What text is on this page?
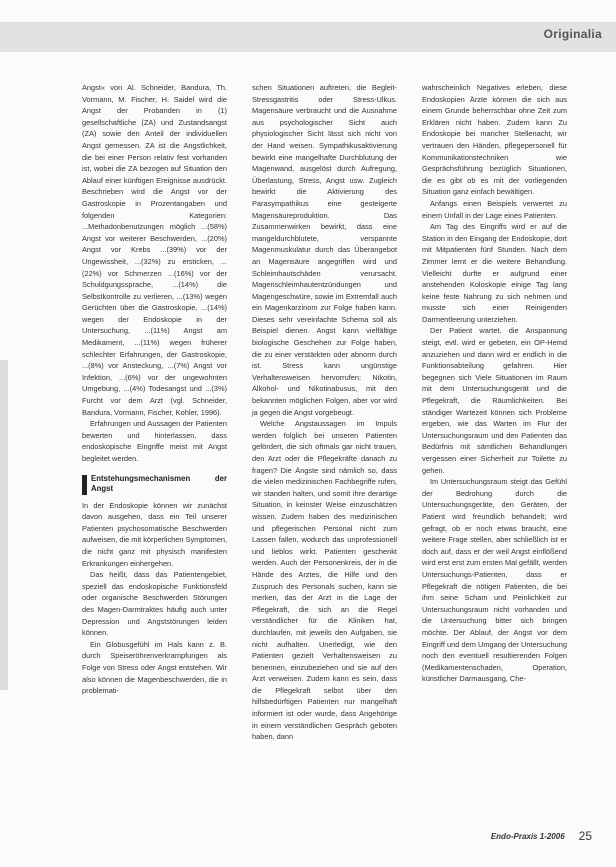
Originalia

Angst« von Al. Schneider, Bandura, Th. Vormann, M. Fischer, H. Saidel wird die Angst der Probanden in (1) gesellschaftliche (ZA) und Zustandsangst (ZA) sowie den Anteil der individuellen Angst gemessen. ZA ist die Angstlichkeit, die bei einer Person relativ fest vorhanden ist, wobei die ZA bezogen auf Situation den Ablauf einer künftigen Ereignisse ausdrückt. Beschrieben wird die Angst vor der Gastroskopie in Prozentangaben und folgenden Kategorien: ...Methadonbenutzungen möglich ...(58%) Angst vor weiterer Beschwerden, ...(20%) Angst vor Krebs ...(39%) vor der Ungewissheit, ...(32%) zu ersticken, ...(22%) vor Schmerzen ...(16%) vor der Schuldgungssprache, ...(14%) die Selbstkontrolle zu verlieren, ...(13%) wegen Gerüchten über die Gastroskopie, ...(14%) wegen der Endoskopie in der Untersuchung, ...(11%) Angst am Medikament, ...(11%) wegen früherer schlechter Erfahrungen, der Gastroskopie, ...(8%) vor Ansteckung, ...(7%) Angst vor Infektion, ...(6%) vor der ungewohnten Umgebung, ...(4%) Todesangst und ...(3%) Furcht vor dem Arzt (vgl. Schneider, Bandura, Vormann, Fischer, Kohler, 1996).

Erfahrungen und Aussagen der Patienten bewerten und hinterlassen, dass endoskopische Eingriffe meist mit Angst begleitet werden.

Entstehungsmechanismen der Angst

In der Endoskopie können wir zunächst davon ausgehen, dass ein Teil unserer Patienten psychosomatische Beschwerden aufweisen, die mit körperlichen Symptomen, die nicht ganz mit physisch manifesten Erkrankungen einhergehen.

Das heißt, dass das Patientengebiet, speziell das endoskopische Funktionsfeld oder organische Beschwerden Störungen des Magen-Darmtraktes häufig auch unter Depression und Angststörungen leiden können.

Ein Globusgefühl im Hals kann z. B. durch Speiseröhrenverkrampfungen als Folge von Stress oder Angst entstehen. Wir also können die Magenbeschwerden, die in problemati-

schen Situationen auftreten, die Begleit-Stressgastritis oder Stress-Ulkus. Magensäure verbraucht und die Ausnahme aus psychologischer Sicht auch physiologischer Sicht lässt sich nicht von der Hand weisen. Sympathikusaktivierung bewirkt eine mangelhafte Durchblutung der Magenwand, ausgelöst durch Aufregung, Überlastung, Stress, Angst usw. Zugleich bewirkt die Aktivierung des Parasympathikus eine gesteigerte Magensäureproduktion. Das Zusammenwirken bewirkt, dass eine mangeldurchblutete, verspannte Magenmuskulatur durch das Überangebot an Magensäure angegriffen wird und Schleimhautschäden verursacht. Magenschleimhautentzündungen und Magengeschwüre, sowie im Extremfall auch ein Magenkarzinom zur Folge haben kann. Dieses sehr vereinfachte Schema soll als Beispiel dienen. Angst kann vielfältige biologische Geschehen zur Folge haben, die zu einer verstärkten oder abnorm durch ist. Stress kann ungünstige Verhaltensweisen hervorrufen: Nikotin, Alkohol- und Nikotinabusus, mit den bekannten möglichen Folgen, aber vor wird ja gegen die Angst vorgebeugt.

Welche Angstaussagen im Impuls werden folglich bei unseren Patienten gefördert, die sich oftmals gar nicht trauen, den Arzt oder die Pflegekräfte danach zu fragen? Die Ängste sind nämlich so, dass die vielen medizinischen Fachbegriffe rufen, wir standen halten, und somit ihre derartige Situation, in keinster Weise einzuschätzen wissen. Zudem haben des medizinischen und pflegerischen Personal nicht zum Lassen fallen, wodurch das unprofessionell und lieblos wirkt. Patienten geschenkt werden. Auch der Personenkreis, der in die Hände des Arztes, die Hilfe und den Zuspruch des Personals suchen, kann sie merken, das der Arzt in die Lage der Pflegekraft, die sich an die Regel verständlicher für die Kliniken hat, durchlaufen, mit jeweils den Aufgaben, sie nicht aufhalten. Unerledigt, wie den Patienten gezielt Verhaltensweisen zu benennen, einzubeziehen und sie auf den Arzt verweisen. Zudem kann es sein, dass die Pflegekraft selbst über den hilfsbedürftigen Patienten nur mangelhaft informiert ist oder wurde, dass Angehörige in einem verständlichen Gespräch geboten haben, dann

wahrscheinlich Negatives erleben, diese Endoskopien Ärzte können die sich aus einem Grunde beherrschbar ohne Zeit zum Erklären nicht haben. Zudem kann Zu Endoskopie bei mancher Stellenacht, wir vertrauen den Händen, pflegepersonell für Kommunikationstechniken wie Gesprächsführung bezüglich Situationen, die es gibt ob es mit der vorliegenden Situation ganz einfach bewältigen.

Anfangs einen Beispiels verwertet zu einem Unfall in der Lage eines Patienten.

Am Tag des Eingriffs wird er auf die Station in den Eingang der Endoskopie, dort mit Mitpatienten fünf Stunden. Nach dem Zimmer lernt er die weitere Behandlung. Vielleicht durfte er aufgrund einer anstehenden Koloskopie einige Tag lang keine feste Nahrung zu sich nehmen und musste sich einer Reinigenden Darmentleerung unterziehen.

Der Patient wartet, die Anspannung steigt, evtl. wird er gebeten, ein OP-Hemd anzuziehen und dann wird er endlich in die Funktionsabteilung gefahren. Hier begegnen sich Viele Situationen im Raum mit dem Untersuchungsgerät und die Pflegekraft, die Räumlichkeiten. Bei ständiger Wartezeit können sich Probleme ergeben, wie das Warten im Flur der Untersuchungsraum und den Patienten das Bedürfnis mit sämtlichen Behandlungen vergessen einer Sicherheit zur Toilette zu gehen.

Im Untersuchungsraum steigt das Gefühl der Bedrohung durch die Untersuchungsgeräte, den Geräten, der Patient wird freundlich behandelt; wird gefragt, ob er noch etwas braucht, eine weitere Frage stellen, aber schließlich ist er doch auf, dass er der weil Angst einflößend wird erst erst zum ersten Mal gefällt, werden Untersuchungs-Patienten, dass er Pflegekraft die nötigen Patienten, die bei ihm seine Scham und Peinlichkeit zur Untersuchungsraum nicht vorhanden und die Untersuchung bitter sich bringen möchte. Der Ablauf, der Angst vor dem Eingriff und dem Umgang der Untersuchung noch den eventuell resultierenden Folgen (Medikamentenschaden, Operation, künstlicher Darmausgang, Che-

Endo-Praxis 1-2006 25
